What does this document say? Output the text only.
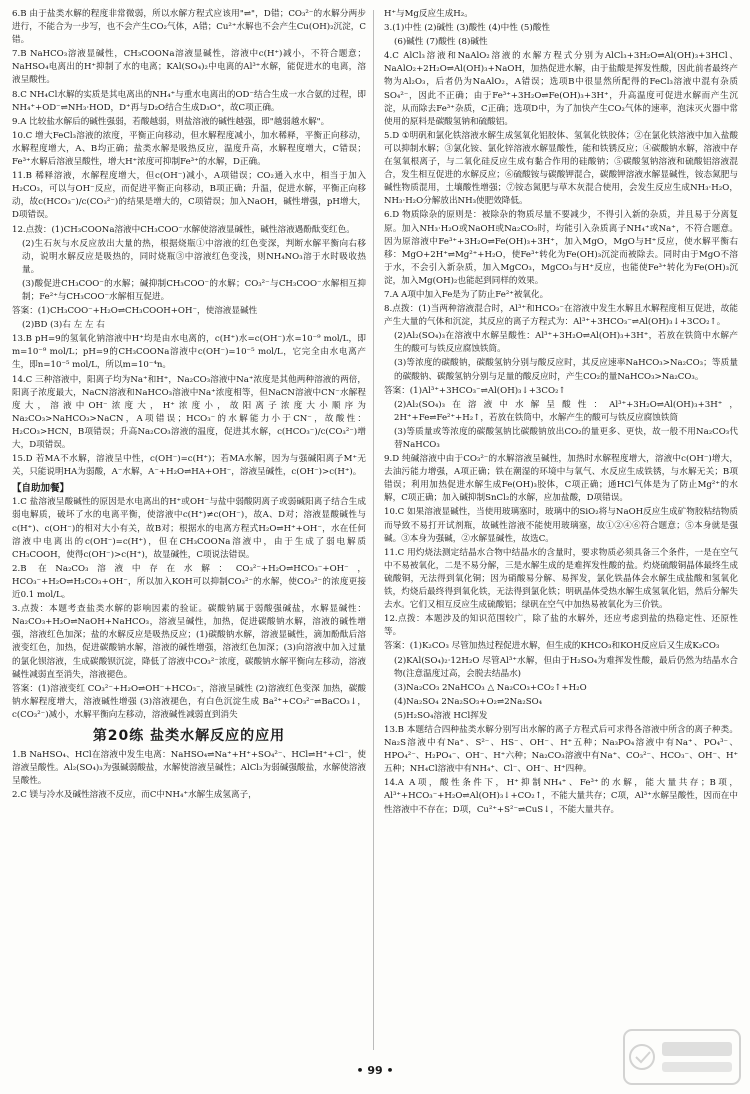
6.B 由于盐类水解的程度非常微弱，所以水解方程式应该用"⇌"，D错；CO₃²⁻的水解分两步进行，不能合为一步写，也不会产生CO₂气体，A错；Cu²⁺水解也不会产生Cu(OH)₂沉淀，C错。

7.B NaHCO₃溶液显碱性，CH₃COONa溶液显碱性，溶液中c(H⁺)减小，不符合题意；NaHSO₄电离出的H⁺抑制了水的电离；KAl(SO₄)₂中电离的Al³⁺水解，能促进水的电离，溶液呈酸性。

8.C NH₄Cl水解的实质是其电离出的NH₄⁺与重水电离出的OD⁻结合生成一水合氨的过程，即NH₄⁺+OD⁻⇌NH₃·HOD，D⁺再与D₂O结合生成D₃O⁺，故C项正确。

9.A 比较盐水解后的碱性强弱，若酸越弱，则盐溶液的碱性越强，即"越弱越水解"。

10.C 增大FeCl₃溶液的浓度，平衡正向移动，但水解程度减小，加水稀释，平衡正向移动，水解程度增大，A、B均正确；盐类水解是吸热反应，温度升高，水解程度增大，C错误；Fe³⁺水解后溶液呈酸性，增大H⁺浓度可抑制Fe³⁺的水解，D正确。

11.B 稀释溶液，水解程度增大，但c(OH⁻)减小，A项错误；CO₂通入水中，相当于加入H₂CO₃，可以与OH⁻反应，而促进平衡正向移动，B项正确；升温，促进水解，平衡正向移动，故c(HCO₃⁻)/c(CO₃²⁻)的结果是增大的，C项错误；加入NaOH，碱性增强，pH增大，D项错误。

12.点拨：(1)CH₃COONa溶液中CH₃COO⁻水解使溶液显碱性，碱性溶液遇酚酞变红色。

(2)生石灰与水反应放出大量的热，根据烧瓶①中溶液的红色变深，判断水解平衡向右移动，说明水解反应是吸热的，同时烧瓶③中溶液红色变浅，则NH₄NO₃溶于水时吸收热量。

(3)酸促进CH₃COO⁻的水解；碱抑制CH₃COO⁻的水解；CO₃²⁻与CH₃COO⁻水解相互抑制；Fe²⁺与CH₃COO⁻水解相互促进。

答案：(1)CH₃COO⁻+H₂O⇌CH₃COOH+OH⁻，使溶液显碱性

(2)BD (3)右 左 左 右

13.B pH=9的氢氧化钠溶液中H⁺均是由水电离的，c(H⁺)水=c(OH⁻)水=10⁻⁹ mol/L，即m=10⁻⁹ mol/L；pH=9的CH₃COONa溶液中c(OH⁻)=10⁻⁵ mol/L，它完全由水电离产生，即n=10⁻⁵ mol/L，所以m=10⁻⁴n。

14.C 三种溶液中，阳离子均为Na⁺和H⁺，Na₂CO₃溶液中Na⁺浓度是其他两种溶液的两倍，阳离子浓度最大，NaCN溶液和NaHCO₃溶液中Na⁺浓度相等，但NaCN溶液中CN⁻水解程度大，溶液中OH⁻浓度大，H⁺浓度小，故阳离子浓度大小顺序为Na₂CO₃>NaHCO₃>NaCN，A项错误；HCO₃⁻的水解能力小于CN⁻，故酸性：H₂CO₃>HCN，B项错误；升高Na₂CO₃溶液的温度，促进其水解，c(HCO₃⁻)/c(CO₃²⁻)增大，D项错误。

15.D 若MA不水解，溶液呈中性，c(OH⁻)=c(H⁺)；若MA水解，因为与强碱阳离子M⁺无关，只能说明HA为弱酸，A⁻水解，A⁻+H₂O⇌HA+OH⁻，溶液呈碱性，c(OH⁻)>c(H⁺)。

【自助加餐】

1.C 盐溶液呈酸碱性的原因是水电离出的H⁺或OH⁻与盐中弱酸阴离子或弱碱阳离子结合生成弱电解质，破坏了水的电离平衡，使溶液中c(H⁺)≠c(OH⁻)，故A、D对；溶液显酸碱性与c(H⁺)、c(OH⁻)的相对大小有关，故B对；根据水的电离方程式H₂O⇌H⁺+OH⁻，水在任何溶液中电离出的c(OH⁻)=c(H⁺)，但在CH₃COONa溶液中，由于生成了弱电解质CH₃COOH，使得c(OH⁻)>c(H⁺)，故显碱性，C项说法错误。

2.B 在Na₂CO₃溶液中存在水解：CO₃²⁻+H₂O⇌HCO₃⁻+OH⁻，HCO₃⁻+H₂O⇌H₂CO₃+OH⁻，所以加入KOH可以抑制CO₃²⁻的水解，使CO₃²⁻的浓度更接近0.1 mol/L。

3.点拨：本题考查盐类水解的影响因素的验证。碳酸钠属于弱酸强碱盐，水解显碱性：Na₂CO₃+H₂O⇌NaOH+NaHCO₃，溶液呈碱性，加热，促进碳酸钠水解，溶液的碱性增强，溶液红色加深；盐的水解反应是吸热反应；(1)碳酸钠水解，溶液显碱性，滴加酚酞后溶液变红色，加热，促进碳酸钠水解，溶液的碱性增强，溶液红色加深；(3)向溶液中加入过量的氯化钡溶液，生成碳酸钡沉淀，降低了溶液中CO₃²⁻浓度，碳酸钠水解平衡向左移动，溶液碱性减弱直至消失，溶液褪色。

答案：(1)溶液变红 CO₃²⁻+H₂O⇌OH⁻+HCO₃⁻，溶液呈碱性 (2)溶液红色变深 加热，碳酸钠水解程度增大，溶液碱性增强 (3)溶液褪色，有白色沉淀生成 Ba²⁺+CO₃²⁻⇌BaCO₃↓，c(CO₃²⁻)减小，水解平衡向左移动，溶液碱性减弱直到消失

第20练 盐类水解反应的应用

1.B NaHSO₄、HCl在溶液中发生电离：NaHSO₄⇌Na⁺+H⁺+SO₄²⁻、HCl⇌H⁺+Cl⁻，使溶液呈酸性。Al₂(SO₄)₃为强碱弱酸盐，水解使溶液呈碱性；AlCl₃为弱碱强酸盐，水解使溶液呈酸性。

2.C 镁与冷水及碱性溶液不反应，而C中NH₄⁺水解生成氢离子，

H⁺与Mg反应生成H₂。

3.(1)中性 (2)碱性 (3)酸性 (4)中性 (5)酸性

(6)碱性 (7)酸性 (8)碱性

4.C AlCl₃溶液和NaAlO₂溶液的水解方程式分别为AlCl₃+3H₂O⇌Al(OH)₃+3HCl、NaAlO₂+2H₂O⇌Al(OH)₃+NaOH，加热促进水解，由于盐酸是挥发性酸，因此前者最终产物为Al₂O₃，后者仍为NaAlO₂，A错误；选项B中很显然所配得的FeCl₃溶液中混有杂质SO₄²⁻，因此不正确；由于Fe³⁺+3H₂O⇌Fe(OH)₃+3H⁺，升高温度可促进水解而产生沉淀，从而除去Fe³⁺杂质，C正确；选项D中，为了加快产生CO₂气体的速率，泡沫灭火器中常使用的原料是碳酸氢钠和硫酸铝。

5.D ①明矾和氯化铁溶液水解生成氢氧化铝胶体、氢氧化铁胶体；②在氯化铁溶液中加入盐酸可以抑制水解；③氯化铵、氯化锌溶液水解显酸性，能和铁锈反应；④碳酸钠水解，溶液中存在氢氧根离子，与二氧化硅反应生成有黏合作用的硅酸钠；⑤碳酸氢钠溶液和硫酸铝溶液混合，发生相互促进的水解反应；⑥硫酸铵与碳酸钾混合，碳酸钾溶液水解显碱性，铵态氮肥与碱性物质混用，土壤酸性增强；⑦铵态氮肥与草木灰混合使用，会发生反应生成NH₃·H₂O，NH₃·H₂O分解放出NH₃使肥效降低。

6.D 物质除杂的原则是：被除杂的物质尽量不要减少，不得引入新的杂质，并且易于分离复原。加入NH₃·H₂O或NaOH或Na₂CO₃时，均能引入杂质离子NH₄⁺或Na⁺，不符合题意。因为原溶液中Fe³⁺+3H₂O⇌Fe(OH)₃+3H⁺，加入MgO，MgO与H⁺反应，使水解平衡右移：MgO+2H⁺⇌Mg²⁺+H₂O，使Fe³⁺转化为Fe(OH)₃沉淀而被除去。同时由于MgO不溶于水，不会引入新杂质，加入MgCO₃，MgCO₃与H⁺反应，也能使Fe³⁺转化为Fe(OH)₃沉淀，加入Mg(OH)₂也能起到同样的效果。

7.A A项中加入Fe是为了防止Fe²⁺被氧化。

8.点拨：(1)当两种溶液混合时，Al³⁺和HCO₃⁻在溶液中发生水解且水解程度相互促进，故能产生大量的气体和沉淀，其反应的离子方程式为：Al³⁺+3HCO₃⁻⇌Al(OH)₃↓+3CO₂↑。

(2)Al₂(SO₄)₃在溶液中水解呈酸性：Al³⁺+3H₂O⇌Al(OH)₃+3H⁺，若放在铁筒中水解产生的酸可与铁反应腐蚀铁筒。

(3)等浓度的碳酸钠，碳酸氢钠分别与酸反应时，其反应速率NaHCO₃>Na₂CO₃；等质量的碳酸钠、碳酸氢钠分别与足量的酸反应时，产生CO₂的量NaHCO₃>Na₂CO₃。

答案：(1)Al³⁺+3HCO₃⁻⇌Al(OH)₃↓+3CO₂↑

(2)Al₂(SO₄)₃在溶液中水解呈酸性：Al³⁺+3H₂O⇌Al(OH)₃+3H⁺，2H⁺+Fe⇌Fe²⁺+H₂↑，若放在铁筒中，水解产生的酸可与铁反应腐蚀铁筒

(3)等质量或等浓度的碳酸氢钠比碳酸钠放出CO₂的量更多、更快，故一般不用Na₂CO₃代替NaHCO₃

9.D 纯碱溶液中由于CO₃²⁻的水解溶液呈碱性，加热时水解程度增大，溶液中c(OH⁻)增大，去油污能力增强，A项正确；铁在潮湿的环境中与氧气、水反应生成铁锈，与水解无关；B项错误；利用加热促进水解生成Fe(OH)₃胶体，C项正确；通HCl气体是为了防止Mg²⁺的水解，C项正确；加入碱抑制SnCl₂的水解，应加盐酸，D项错误。

10.C 如果溶液显碱性，当使用玻璃塞时，玻璃中的SiO₂将与NaOH反应生成矿物胶粘结物质而导致不易打开试剂瓶，故碱性溶液不能使用玻璃塞，故①②④⑥符合题意；⑤本身就是强碱。③本身为强碱，②水解显碱性，故选C。

11.C 用灼烧法测定结晶水合物中结晶水的含量时，要求物质必须具备三个条件，一是在空气中不易被氧化，二是不易分解，三是水解生成的是难挥发性酸的盐。灼烧硫酸铜晶体最终生成硫酸铜，无法得到氧化铜；因为硝酸易分解、易挥发，氯化铁晶体会水解生成盐酸和氢氧化铁，灼烧后最终得到氧化铁，无法得到氯化铁；明矾晶体受热水解生成氢氧化铝，然后分解失去水。它们又相互反应生成硫酸铝；绿矾在空气中加热易被氧化为三价铁。

12.点拨：本题涉及的知识范围较广，除了盐的水解外，还应考虑到盐的热稳定性、还原性等。

答案：(1)K₂CO₃ 尽管加热过程促进水解，但生成的KHCO₃和KOH反应后又生成K₂CO₃

(2)KAl(SO₄)₂·12H₂O 尽管Al³⁺水解，但由于H₂SO₄为难挥发性酸，最后仍然为结晶水合物(注意温度过高，会脱去结晶水)

(3)Na₂CO₃ 2NaHCO₃ △ Na₂CO₃+CO₂↑+H₂O

(4)Na₂SO₄ 2Na₂SO₃+O₂⇌2Na₂SO₄

(5)H₂SO₄溶液 HCl挥发

13.B 本题结合四种盐类水解分别写出水解的离子方程式后可求得各溶液中所含的离子种类。Na₂S溶液中有Na⁺、S²⁻、HS⁻、OH⁻、H⁺五种；Na₃PO₄溶液中有Na⁺、PO₄³⁻、HPO₄²⁻、H₂PO₄⁻、OH⁻、H⁺六种；Na₂CO₃溶液中有Na⁺、CO₃²⁻、HCO₃⁻、OH⁻、H⁺五种；NH₄Cl溶液中有NH₄⁺、Cl⁻、OH⁻、H⁺四种。

14.A A项，酸性条件下，H⁺抑制NH₄⁺、Fe³⁺的水解，能大量共存；B项，Al³⁺+HCO₃⁻+H₂O⇌Al(OH)₃↓+CO₂↑，不能大量共存；C项，Al³⁺水解呈酸性，因而在中性溶液中不存在；D项，Cu²⁺+S²⁻⇌CuS↓，不能大量共存。

• 99 •
